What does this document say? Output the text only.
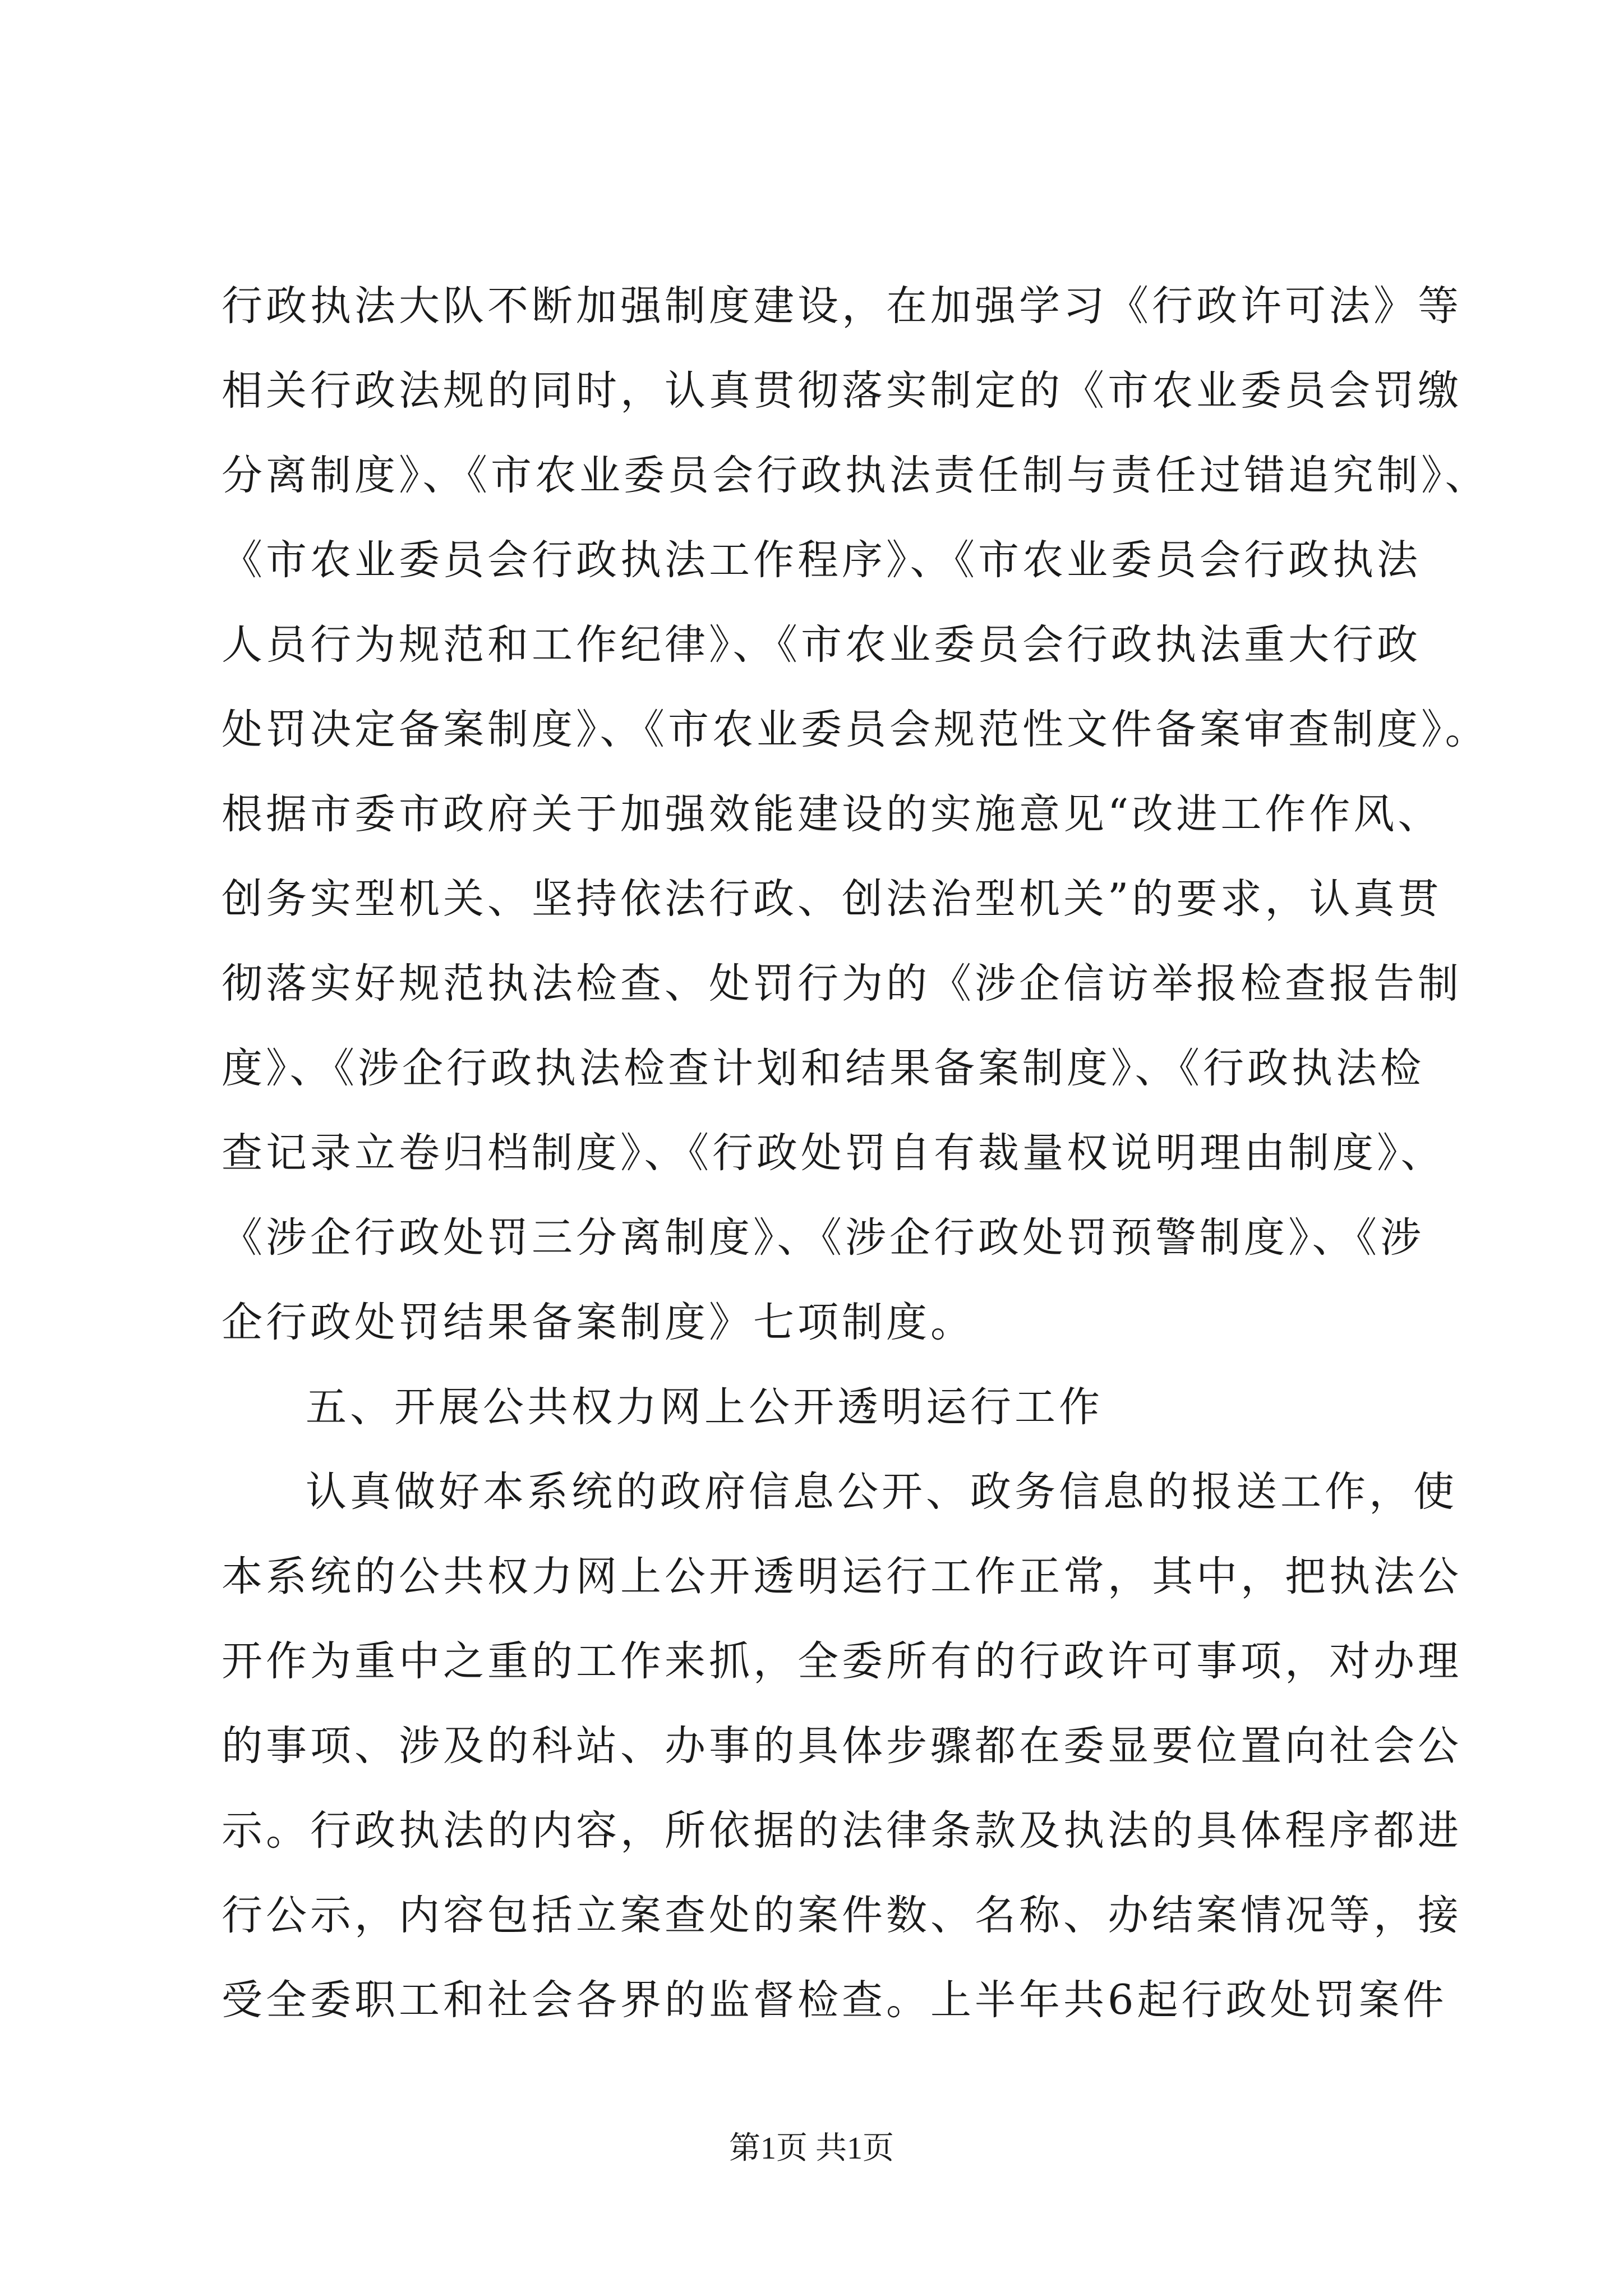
行政执法大队不断加强制度建设，在加强学习《行政许可法》等
相关行政法规的同时，认真贯彻落实制定的《市农业委员会罚缴
分离制度》、《市农业委员会行政执法责任制与责任过错追究制》、
《市农业委员会行政执法工作程序》、《市农业委员会行政执法
人员行为规范和工作纪律》、《市农业委员会行政执法重大行政
处罚决定备案制度》、《市农业委员会规范性文件备案审查制度》。
根据市委市政府关于加强效能建设的实施意见“改进工作作风、
创务实型机关、坚持依法行政、创法治型机关”的要求，认真贯
彻落实好规范执法检查、处罚行为的《涉企信访举报检查报告制
度》、《涉企行政执法检查计划和结果备案制度》、《行政执法检
查记录立卷归档制度》、《行政处罚自有裁量权说明理由制度》、
《涉企行政处罚三分离制度》、《涉企行政处罚预警制度》、《涉
企行政处罚结果备案制度》七项制度。
五、开展公共权力网上公开透明运行工作
认真做好本系统的政府信息公开、政务信息的报送工作，使
本系统的公共权力网上公开透明运行工作正常，其中，把执法公
开作为重中之重的工作来抓，全委所有的行政许可事项，对办理
的事项、涉及的科站、办事的具体步骤都在委显要位置向社会公
示。行政执法的内容，所依据的法律条款及执法的具体程序都进
行公示，内容包括立案查处的案件数、名称、办结案情况等，接
受全委职工和社会各界的监督检查。上半年共6起行政处罚案件
第1页 共1页
